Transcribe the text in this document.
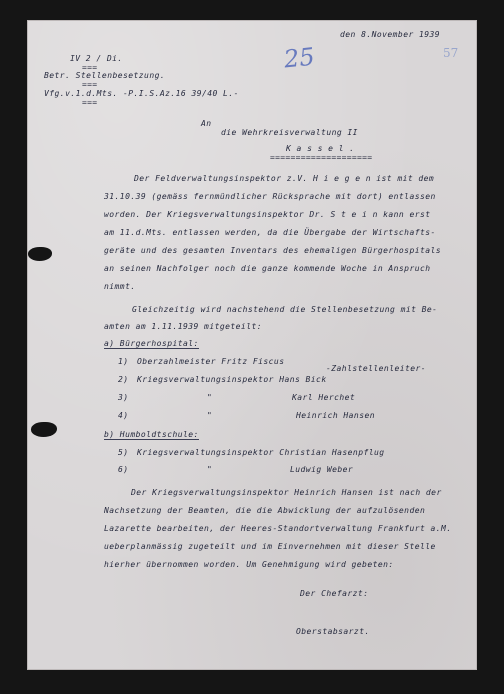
den 8.November 1939
IV 2 / Di.
===
Betr. Stellenbesetzung.
===
Vfg.v.1.d.Mts. -P.I.S.Az.16 39/40 L.-
===
25	57
An
die Wehrkreisverwaltung II
K a s s e l .
====================
Der Feldverwaltungsinspektor z.V. H i e g e n ist mit dem
31.10.39 (gemäss fernmündlicher Rücksprache mit dort) entlassen
worden. Der Kriegsverwaltungsinspektor Dr. S t e i n kann erst
am 11.d.Mts. entlassen werden, da die Übergabe der Wirtschafts-
geräte und des gesamten Inventars des ehemaligen Bürgerhospitals
an seinen Nachfolger noch die ganze kommende Woche in Anspruch
nimmt.
Gleichzeitig wird nachstehend die Stellenbesetzung mit Be-
amten am 1.11.1939 mitgeteilt:
a) Bürgerhospital:
1) Oberzahlmeister Fritz Fiscus
-Zahlstellenleiter-
2) Kriegsverwaltungsinspektor Hans Bick
3)	"	Karl Herchet
4)	"	Heinrich Hansen
b) Humboldtschule:
5) Kriegsverwaltungsinspektor Christian Hasenpflug
6)	"	Ludwig Weber
Der Kriegsverwaltungsinspektor Heinrich Hansen ist nach der
Nachsetzung der Beamten, die die Abwicklung der aufzulösenden
Lazarette bearbeiten, der Heeres-Standortverwaltung Frankfurt a.M.
ueberplanmässig zugeteilt und im Einvernehmen mit dieser Stelle
hierher übernommen worden. Um Genehmigung wird gebeten:
Der Chefarzt:
Oberstabsarzt.
